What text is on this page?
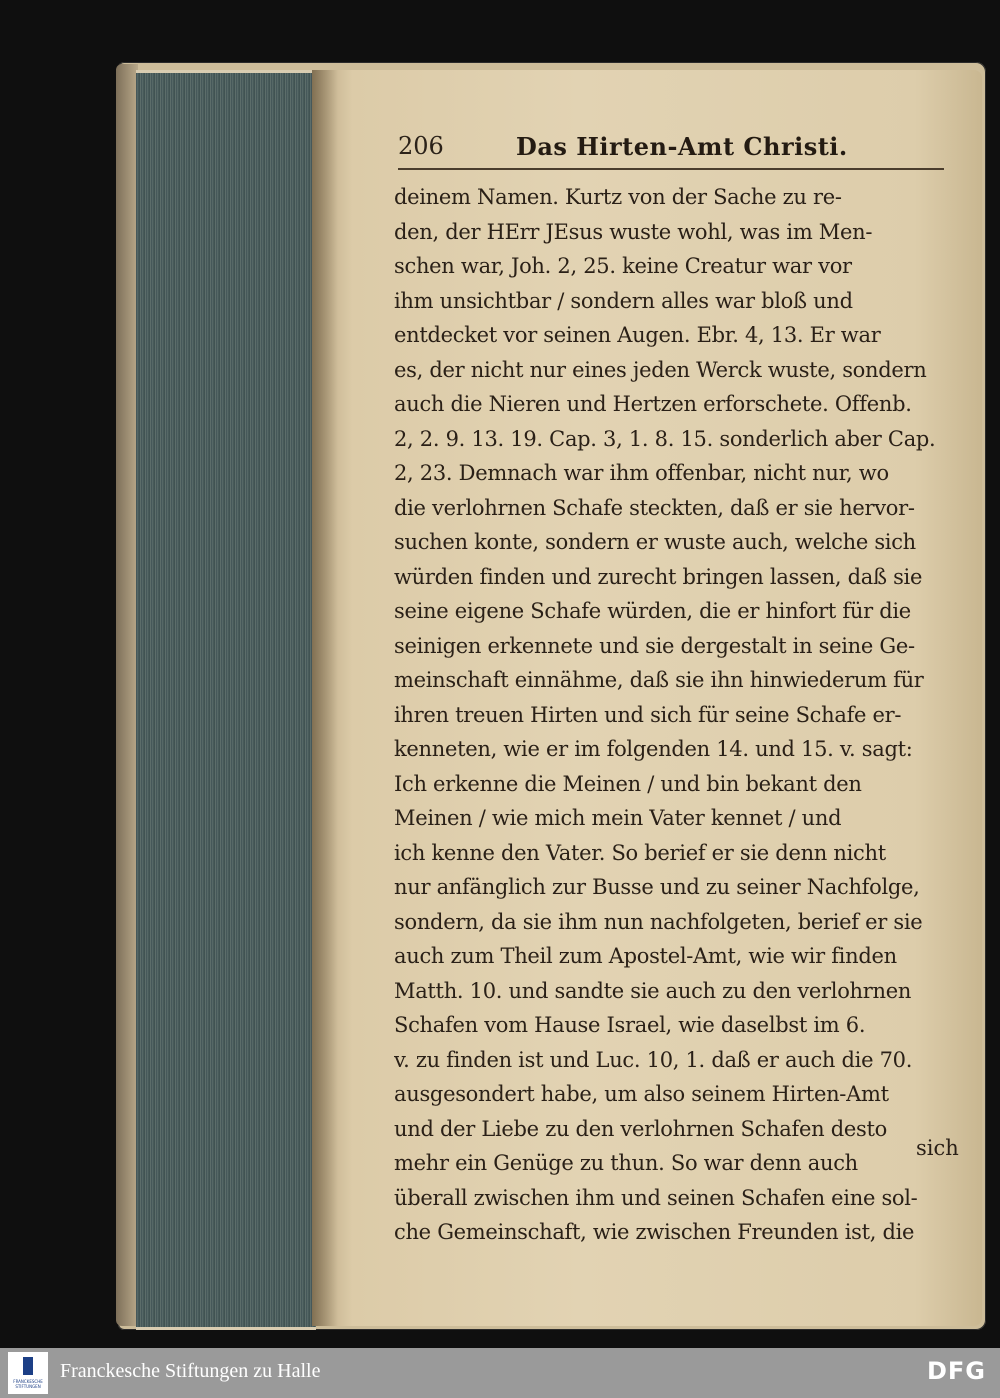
206	Das Hirten-Amt Christi.
deinem Namen. Kurtz von der Sache zu re-
den, der HErr JEsus wuste wohl, was im Men-
schen war, Joh. 2, 25. keine Creatur war vor
ihm unsichtbar / sondern alles war bloß und
entdecket vor seinen Augen. Ebr. 4, 13. Er war
es, der nicht nur eines jeden Werck wuste, sondern
auch die Nieren und Hertzen erforschete. Offenb.
2, 2. 9. 13. 19. Cap. 3, 1. 8. 15. sonderlich aber Cap.
2, 23. Demnach war ihm offenbar, nicht nur, wo
die verlohrnen Schafe steckten, daß er sie hervor-
suchen konte, sondern er wuste auch, welche sich
würden finden und zurecht bringen lassen, daß sie
seine eigene Schafe würden, die er hinfort für die
seinigen erkennete und sie dergestalt in seine Ge-
meinschaft einnähme, daß sie ihn hinwiederum für
ihren treuen Hirten und sich für seine Schafe er-
kenneten, wie er im folgenden 14. und 15. v. sagt:
Ich erkenne die Meinen / und bin bekant den
Meinen / wie mich mein Vater kennet / und
ich kenne den Vater. So berief er sie denn nicht
nur anfänglich zur Busse und zu seiner Nachfolge,
sondern, da sie ihm nun nachfolgeten, berief er sie
auch zum Theil zum Apostel-Amt, wie wir finden
Matth. 10. und sandte sie auch zu den verlohrnen
Schafen vom Hause Israel, wie daselbst im 6.
v. zu finden ist und Luc. 10, 1. daß er auch die 70.
ausgesondert habe, um also seinem Hirten-Amt
und der Liebe zu den verlohrnen Schafen desto
mehr ein Genüge zu thun. So war denn auch
überall zwischen ihm und seinen Schafen eine sol-
che Gemeinschaft, wie zwischen Freunden ist, die
sich
FRANCKESCHE STIFTUNGEN
Franckesche Stiftungen zu Halle	DFG
